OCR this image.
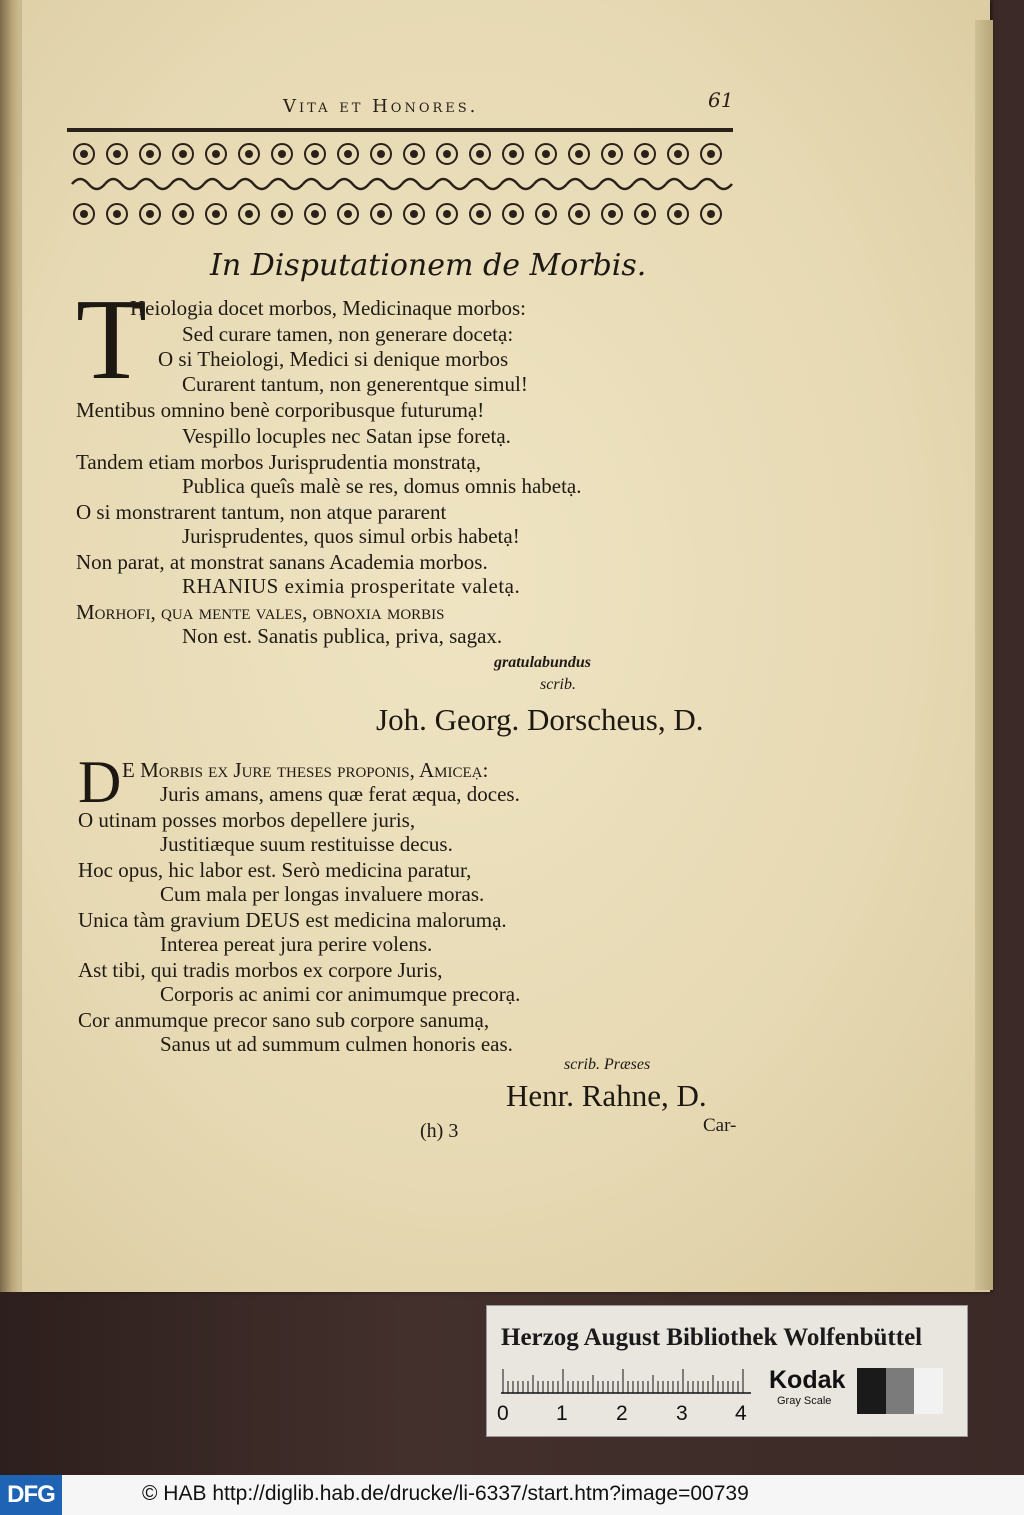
Vita et Honores.	61
In Disputationem de Morbis.
T
Heiologia docet morbos, Medicinaque morbos:
Sed curare tamen, non generare docetạ:
O si Theiologi, Medici si denique morbos
Curarent tantum, non generentque simul!
Mentibus omnino benè corporibusque futurumạ!
Vespillo locuples nec Satan ipse foretạ.
Tandem etiam morbos Jurisprudentia monstratạ,
Publica queîs malè se res, domus omnis habetạ.
O si monstrarent tantum, non atque pararent
Jurisprudentes, quos simul orbis habetạ!
Non parat, at monstrat sanans Academia morbos.
RHANIUS eximia prosperitate valetạ.
Morhofi, qua mente vales, obnoxia morbis
Non est. Sanatis publica, priva, sagax.
gratulabundus
scrib.
Joh. Georg. Dorscheus, D.
D E Morbis ex Jure theses proponis, Amiceạ:
Juris amans, amens quæ ferat æqua, doces.
O utinam posses morbos depellere juris,
Justitiæque suum restituisse decus.
Hoc opus, hic labor est. Serò medicina paratur,
Cum mala per longas invaluere moras.
Unica tàm gravium DEUS est medicina malorumạ.
Interea pereat jura perire volens.
Ast tibi, qui tradis morbos ex corpore Juris,
Corporis ac animi cor animumque precorạ.
Cor anmumque precor sano sub corpore sanumạ,
Sanus ut ad summum culmen honoris eas.
scrib. Præses
Henr. Rahne, D.
(h) 3	Car-
Herzog August Bibliothek Wolfenbüttel
0 1 2 3 4
Kodak
Gray Scale
DFG	© HAB http://diglib.hab.de/drucke/li-6337/start.htm?image=00739
